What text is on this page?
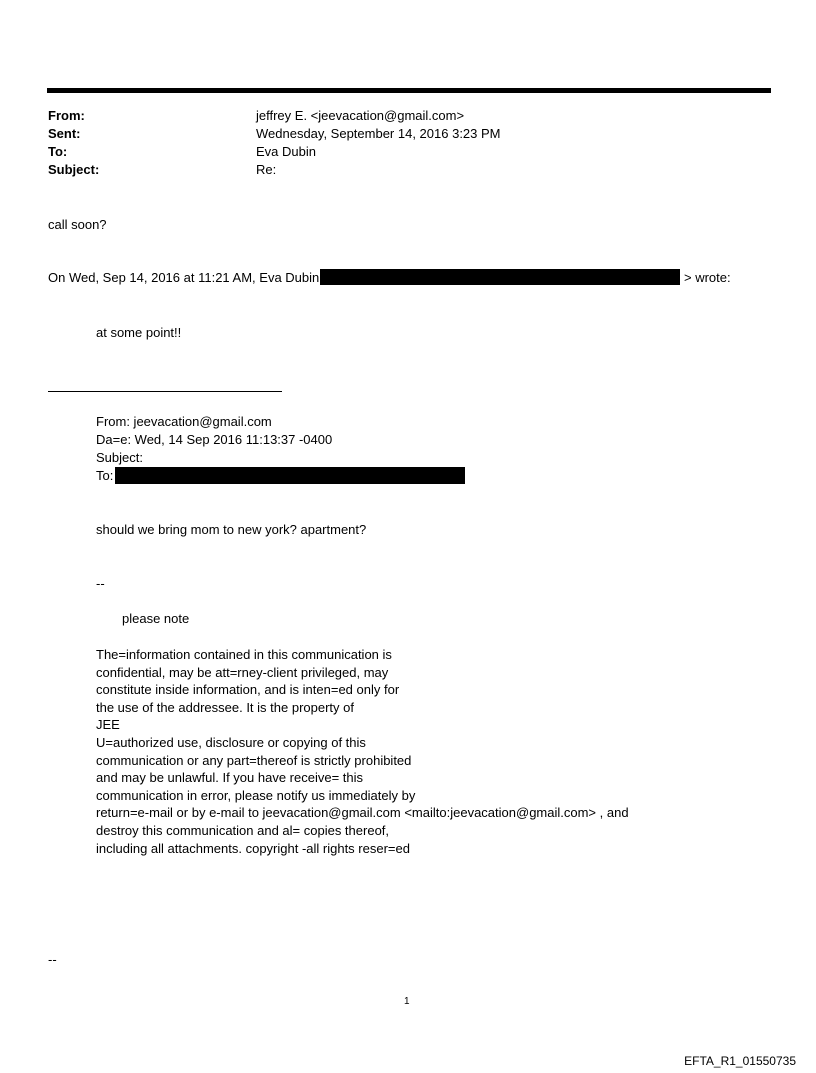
From:	jeffrey E. <jeevacation@gmail.com>
Sent:	Wednesday, September 14, 2016 3:23 PM
To:	Eva Dubin
Subject:	Re:
call soon?
On Wed, Sep 14, 2016 at 11:21 AM, Eva Dubin	> wrote:
at some point!!
From: jeevacation@gmail.com
Da=e: Wed, 14 Sep 2016 11:13:37 -0400
Subject:
To:
should we bring mom to new york? apartment?
--
please note
The=information contained in this communication is
confidential, may be att=rney-client privileged, may
constitute inside information, and is inten=ed only for
the use of the addressee. It is the property of
JEE
U=authorized use, disclosure or copying of this
communication or any part=thereof is strictly prohibited
and may be unlawful. If you have receive= this
communication in error, please notify us immediately by
return=e-mail or by e-mail to jeevacation@gmail.com <mailto:jeevacation@gmail.com> , and
destroy this communication and al= copies thereof,
including all attachments. copyright -all rights reser=ed
--
1
EFTA_R1_01550735
